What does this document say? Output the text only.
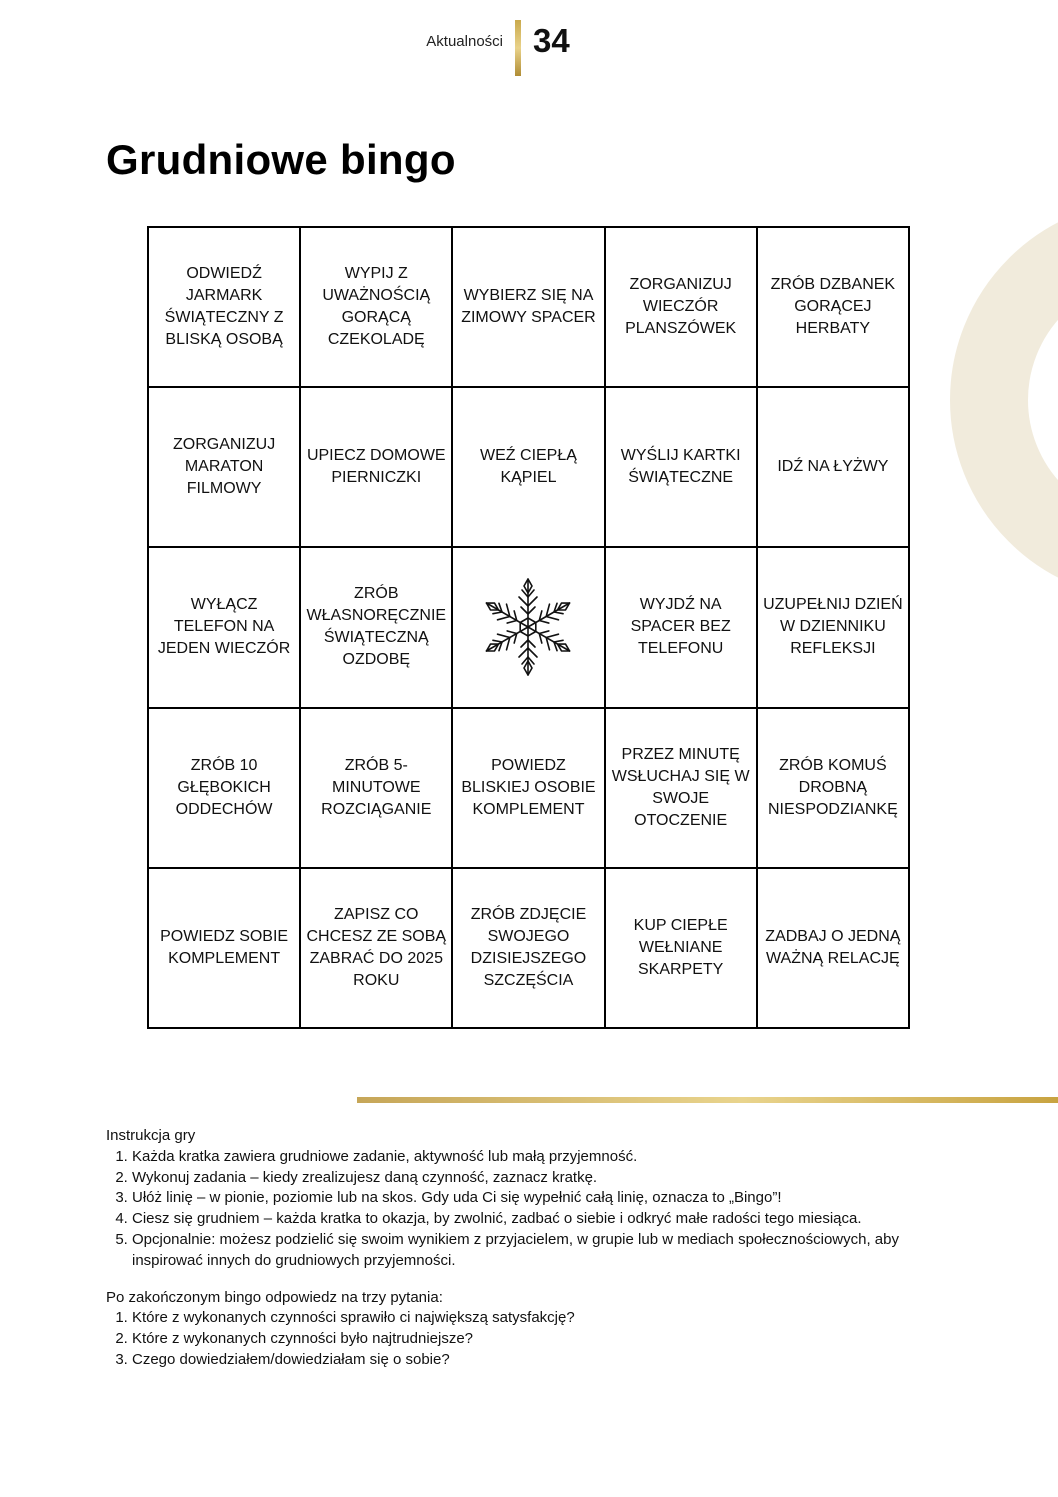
Aktualności 34
Grudniowe bingo
ODWIEDŹ JARMARK ŚWIĄTECZNY Z BLISKĄ OSOBĄ	WYPIJ Z UWAŻNOŚCIĄ GORĄCĄ CZEKOLADĘ	WYBIERZ SIĘ NA ZIMOWY SPACER	ZORGANIZUJ WIECZÓR PLANSZÓWEK	ZRÓB DZBANEK GORĄCEJ HERBATY

ZORGANIZUJ MARATON FILMOWY	UPIECZ DOMOWE PIERNICZKI	WEŹ CIEPŁĄ KĄPIEL	WYŚLIJ KARTKI ŚWIĄTECZNE	IDŹ NA ŁYŻWY

WYŁĄCZ TELEFON NA JEDEN WIECZÓR	ZRÓB WŁASNORĘCZNIE ŚWIĄTECZNĄ OZDOBĘ		WYJDŹ NA SPACER BEZ TELEFONU	UZUPEŁNIJ DZIEŃ W DZIENNIKU REFLEKSJI

ZRÓB 10 GŁĘBOKICH ODDECHÓW	ZRÓB 5-MINUTOWE ROZCIĄGANIE	POWIEDZ BLISKIEJ OSOBIE KOMPLEMENT	PRZEZ MINUTĘ WSŁUCHAJ SIĘ W SWOJE OTOCZENIE	ZRÓB KOMUŚ DROBNĄ NIESPODZIANKĘ

POWIEDZ SOBIE KOMPLEMENT	ZAPISZ CO CHCESZ ZE SOBĄ ZABRAĆ DO 2025 ROKU	ZRÓB ZDJĘCIE SWOJEGO DZISIEJSZEGO SZCZĘŚCIA	KUP CIEPŁE WEŁNIANE SKARPETY	ZADBAJ O JEDNĄ WAŻNĄ RELACJĘ

Instrukcja gry

1. Każda kratka zawiera grudniowe zadanie, aktywność lub małą przyjemność.
2. Wykonuj zadania – kiedy zrealizujesz daną czynność, zaznacz kratkę.
3. Ułóż linię – w pionie, poziomie lub na skos. Gdy uda Ci się wypełnić całą linię, oznacza to „Bingo”!
4. Ciesz się grudniem – każda kratka to okazja, by zwolnić, zadbać o siebie i odkryć małe radości tego miesiąca.
5. Opcjonalnie: możesz podzielić się swoim wynikiem z przyjacielem, w grupie lub w mediach społecznościowych, aby inspirować innych do grudniowych przyjemności.

Po zakończonym bingo odpowiedz na trzy pytania:

1. Które z wykonanych czynności sprawiło ci największą satysfakcję?
2. Które z wykonanych czynności było najtrudniejsze?
3. Czego dowiedziałem/dowiedziałam się o sobie?
